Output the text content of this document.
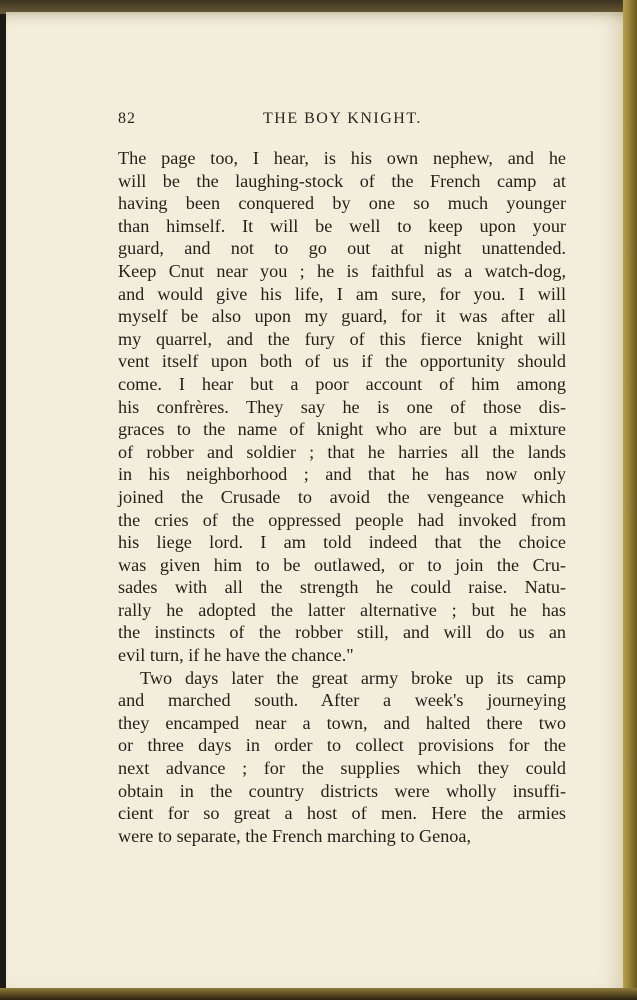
82	THE BOY KNIGHT.
The page too, I hear, is his own nephew, and he
will be the laughing-stock of the French camp at
having been conquered by one so much younger
than himself. It will be well to keep upon your
guard, and not to go out at night unattended.
Keep Cnut near you ; he is faithful as a watch-dog,
and would give his life, I am sure, for you. I will
myself be also upon my guard, for it was after all
my quarrel, and the fury of this fierce knight will
vent itself upon both of us if the opportunity should
come. I hear but a poor account of him among
his confrères. They say he is one of those dis-
graces to the name of knight who are but a mixture
of robber and soldier ; that he harries all the lands
in his neighborhood ; and that he has now only
joined the Crusade to avoid the vengeance which
the cries of the oppressed people had invoked from
his liege lord. I am told indeed that the choice
was given him to be outlawed, or to join the Cru-
sades with all the strength he could raise. Natu-
rally he adopted the latter alternative ; but he has
the instincts of the robber still, and will do us an
evil turn, if he have the chance."
Two days later the great army broke up its camp
and marched south. After a week's journeying
they encamped near a town, and halted there two
or three days in order to collect provisions for the
next advance ; for the supplies which they could
obtain in the country districts were wholly insuffi-
cient for so great a host of men. Here the armies
were to separate, the French marching to Genoa,
